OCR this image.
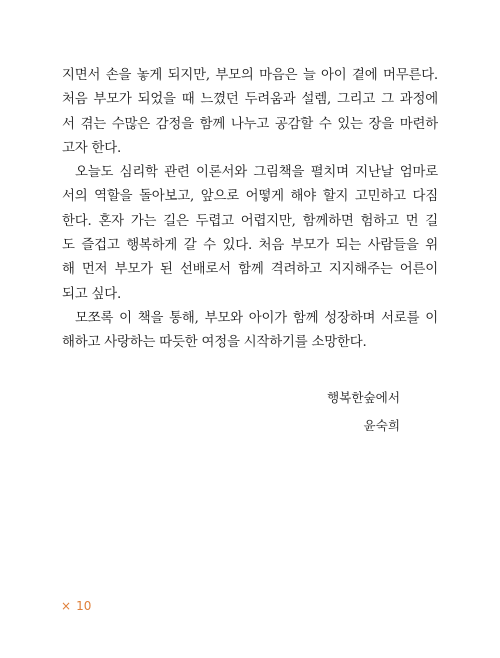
지면서 손을 놓게 되지만, 부모의 마음은 늘 아이 곁에 머무른다.
처음 부모가 되었을 때 느꼈던 두려움과 설렘, 그리고 그 과정에
서 겪는 수많은 감정을 함께 나누고 공감할 수 있는 장을 마련하
고자 한다.
오늘도 심리학 관련 이론서와 그림책을 펼치며 지난날 엄마로
서의 역할을 돌아보고, 앞으로 어떻게 해야 할지 고민하고 다짐
한다. 혼자 가는 길은 두렵고 어렵지만, 함께하면 험하고 먼 길
도 즐겁고 행복하게 갈 수 있다. 처음 부모가 되는 사람들을 위
해 먼저 부모가 된 선배로서 함께 격려하고 지지해주는 어른이
되고 싶다.
모쪼록 이 책을 통해, 부모와 아이가 함께 성장하며 서로를 이
해하고 사랑하는 따듯한 여정을 시작하기를 소망한다.
행복한숲에서
윤숙희
× 10
